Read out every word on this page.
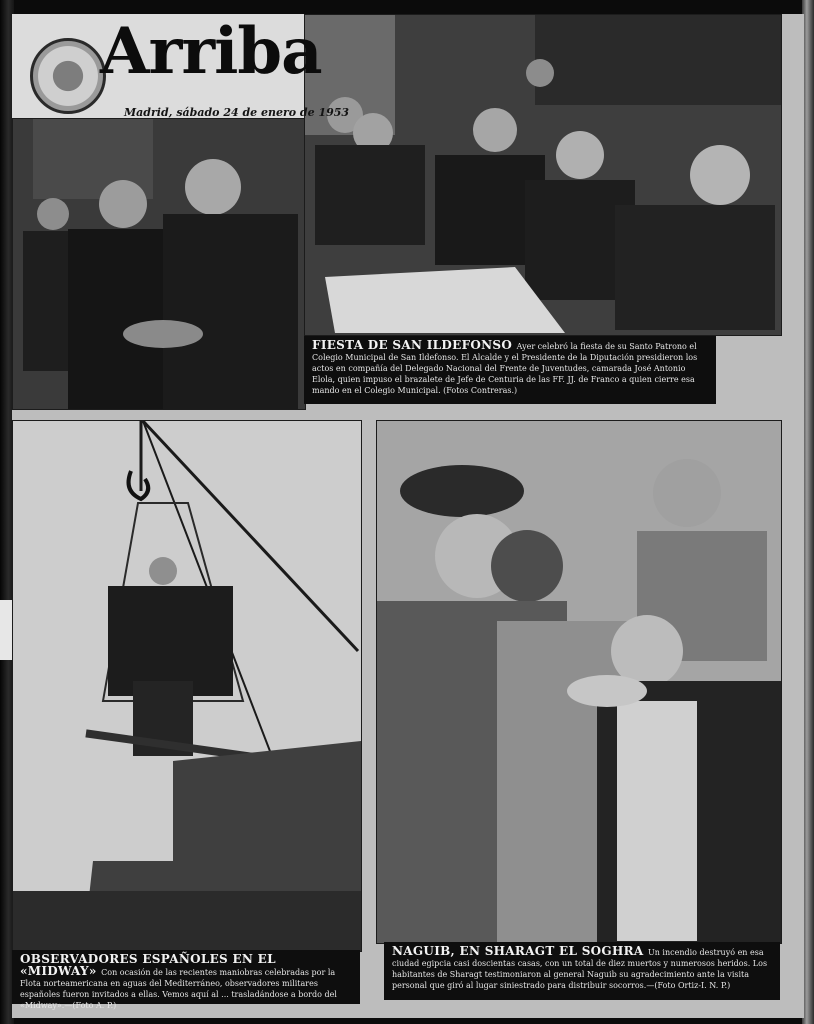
Arriba
Madrid, sábado 24 de enero de 1953
FIESTA DE SAN ILDEFONSO Ayer celebró la fiesta de su Santo Patrono el Colegio Municipal de San Ildefonso. El Alcalde y el Presidente de la Diputación presidieron los actos en compañía del Delegado Nacional del Frente de Juventudes, camarada José Antonio Elola, quien impuso el brazalete de Jefe de Centuria de las FF. JJ. de Franco a quien cierre esa mando en el Colegio Municipal. (Fotos Contreras.)
OBSERVADORES ESPAÑOLES EN EL «MIDWAY» Con ocasión de las recientes maniobras celebradas por la Flota norteamericana en aguas del Mediterráneo, observadores militares españoles fueron invitados a ellas. Vemos aquí al ... trasladándose a bordo del «Midway».—(Foto A. P.)
NAGUIB, EN SHARAGT EL SOGHRA Un incendio destruyó en esa ciudad egipcia casi doscientas casas, con un total de diez muertos y numerosos heridos. Los habitantes de Sharagt testimoniaron al general Naguib su agradecimiento ante la visita personal que giró al lugar siniestrado para distribuir socorros.—(Foto Ortiz-I. N. P.)
